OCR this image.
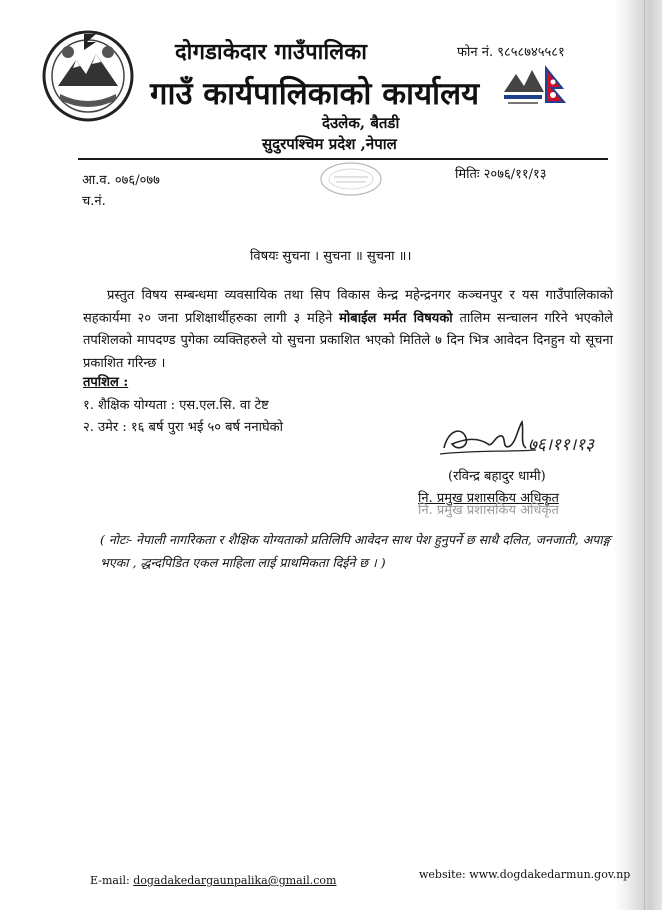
दोगडाकेदार गाउँपालिका
गाउँ कार्यपालिकाको कार्यालय
फोन नं. ९८५८७४५५८१
देउलेक, बैतडी
सुदुरपश्चिम प्रदेश ,नेपाल
आ.व. ०७६/०७७
च.नं.
मितिः २०७६/११/१३
विषयः सुचना । सुचना ॥ सुचना ॥।
प्रस्तुत विषय सम्बन्धमा व्यवसायिक तथा सिप विकास केन्द्र महेन्द्रनगर कञ्चनपुर र यस गाउँपालिकाको सहकार्यमा २० जना प्रशिक्षार्थीहरुका लागी ३ महिने मोबाईल मर्मत विषयको तालिम सन्चालन गरिने भएकोले तपशिलको मापदण्ड पुगेका व्यक्तिहरुले यो सुचना प्रकाशित भएको मितिले ७ दिन भित्र आवेदन दिनहुन यो सूचना प्रकाशित गरिन्छ ।
तपशिल :
१. शैक्षिक योग्यता : एस.एल.सि. वा टेष्ट
२. उमेर : १६ बर्ष पुरा भई ५० बर्ष ननाघेको
७६।११।१३
(रविन्द्र बहादुर धामी)
नि. प्रमुख प्रशासकिय अधिकृत
नि. प्रमुख प्रशासकिय अधिकृत
( नोटः- नेपाली नागरिकता र शैक्षिक योग्यताको प्रतिलिपि आवेदन साथ पेश हुनुपर्ने छ साथै दलित, जनजाती, अपाङ्ग भएका , द्धन्दपिडित एकल माहिला लाई प्राथमिकता दिईने छ । )
E-mail: dogadakedargaunpalika@gmail.com	website: www.dogdakedarmun.gov.np
